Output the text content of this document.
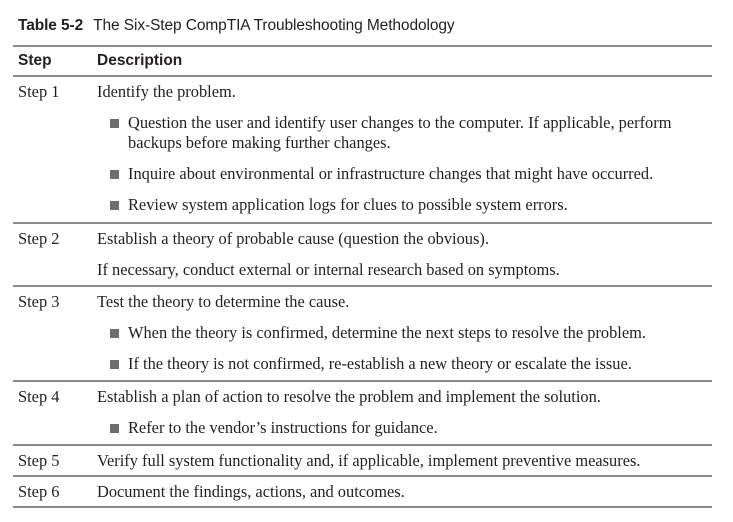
Table 5-2 The Six-Step CompTIA Troubleshooting Methodology
Step	Description
Step 1	Identify the problem.
Question the user and identify user changes to the computer. If applicable, perform backups before making further changes.
Inquire about environmental or infrastructure changes that might have occurred.
Review system application logs for clues to possible system errors.
Step 2	Establish a theory of probable cause (question the obvious).
If necessary, conduct external or internal research based on symptoms.
Step 3	Test the theory to determine the cause.
When the theory is confirmed, determine the next steps to resolve the problem.
If the theory is not confirmed, re-establish a new theory or escalate the issue.
Step 4	Establish a plan of action to resolve the problem and implement the solution.
Refer to the vendor’s instructions for guidance.
Step 5	Verify full system functionality and, if applicable, implement preventive measures.
Step 6	Document the findings, actions, and outcomes.
